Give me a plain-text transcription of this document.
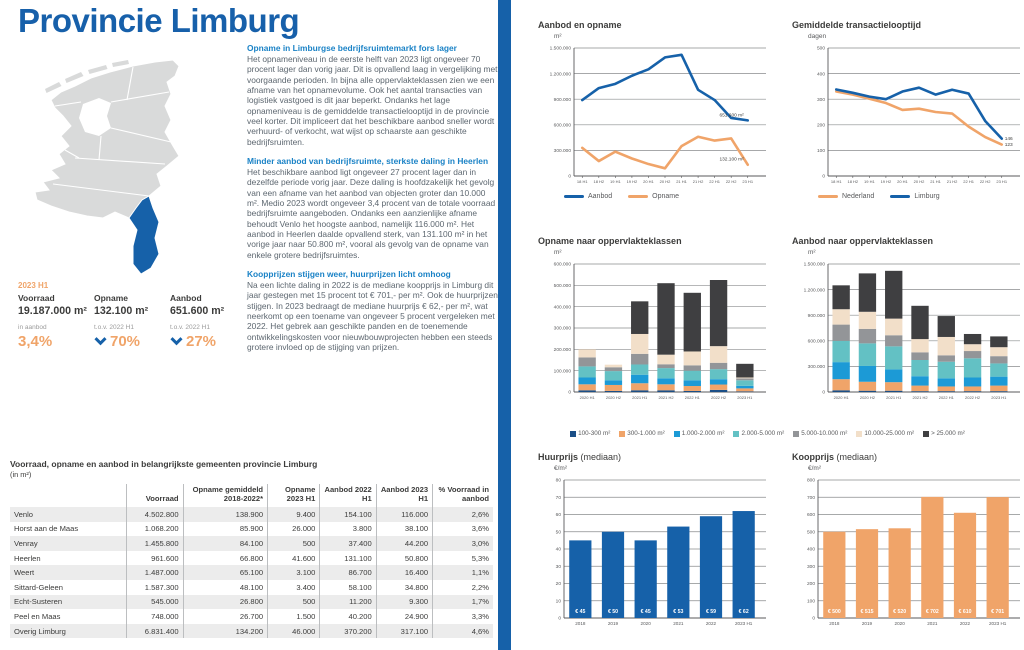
Provincie Limburg
2023 H1
Voorraad
19.187.000 m²
in aanbod
3,4%
Opname
132.100 m²
t.o.v. 2022 H1
70%
Aanbod
651.600 m²
t.o.v. 2022 H1
27%
Opname in Limburgse bedrijfsruimtemarkt fors lager

Het opnameniveau in de eerste helft van 2023 ligt ongeveer 70 procent lager dan vorig jaar. Dit is opvallend laag in vergelijking met voorgaande perioden. In bijna alle oppervlakteklassen zien we een afname van het opnamevolume. Ook het aantal transacties van logistiek vastgoed is dit jaar beperkt. Ondanks het lage opnameniveau is de gemiddelde transactielooptijd in de provincie veel korter. Dit impliceert dat het beschikbare aanbod sneller wordt verhuurd- of verkocht, wat wijst op schaarste aan geschikte bedrijfsruimten.

Minder aanbod van bedrijfsruimte, sterkste daling in Heerlen

Het beschikbare aanbod ligt ongeveer 27 procent lager dan in dezelfde periode vorig jaar. Deze daling is hoofdzakelijk het gevolg van een afname van het aanbod van objecten groter dan 10.000 m². Medio 2023 wordt ongeveer 3,4 procent van de totale voorraad bedrijfsruimte aangeboden. Ondanks een aanzienlijke afname behoudt Venlo het hoogste aanbod, namelijk 116.000 m². Het aanbod in Heerlen daalde opvallend sterk, van 131.100 m² in het vorige jaar naar 50.800 m², vooral als gevolg van de opname van enkele grotere bedrijfsruimtes.

Koopprijzen stijgen weer, huurprijzen licht omhoog

Na een lichte daling in 2022 is de mediane koopprijs in Limburg dit jaar gestegen met 15 procent tot € 701,- per m². Ook de huurprijzen stijgen. In 2023 bedraagt de mediane huurprijs € 62,- per m², wat neerkomt op een toename van ongeveer 5 procent vergeleken met 2022. Het gebrek aan geschikte panden en de toenemende ontwikkelingskosten voor nieuwbouwprojecten hebben een steeds grotere invloed op de stijging van prijzen.

Voorraad, opname en aanbod in belangrijkste gemeenten provincie Limburg
(in m²)
	Voorraad	Opname gemiddeld 2018-2022*	Opname 2023 H1	Aanbod 2022 H1	Aanbod 2023 H1	% Voorraad in aanbod
Venlo	4.502.800	138.900	9.400	154.100	116.000	2,6%
Horst aan de Maas	1.068.200	85.900	26.000	3.800	38.100	3,6%
Venray	1.455.800	84.100	500	37.400	44.200	3,0%
Heerlen	961.600	66.800	41.600	131.100	50.800	5,3%
Weert	1.487.000	65.100	3.100	86.700	16.400	1,1%
Sittard-Geleen	1.587.300	48.100	3.400	58.100	34.800	2,2%
Echt-Susteren	545.000	26.800	500	11.200	9.300	1,7%
Peel en Maas	748.000	26.700	1.500	40.200	24.900	3,3%
Overig Limburg	6.831.400	134.200	46.000	370.200	317.100	4,6%
Aanbod en opname
m²
0
300.000
600.000
900.000
1.200.000
1.500.000
18 H1 18 H2 19 H1 19 H2 20 H1 20 H2 21 H1 21 H2 22 H1 22 H2 23 H1
651.600 m²
132.100 m²
Aanbod	Opname
Gemiddelde transactielooptijd
dagen
0
100
200
300
400
500
18 H1 18 H2 19 H1 19 H2 20 H1 20 H2 21 H1 21 H2 22 H1 22 H2 23 H1
123
146
Nederland	Limburg
Opname naar oppervlakteklassen
m²
0
100.000
200.000
300.000
400.000
500.000
600.000
2020 H1	2020 H2	2021 H1	2021 H2	2022 H1	2022 H2	2023 H1
Aanbod naar oppervlakteklassen
m²
0
300.000
600.000
900.000
1.200.000
1.500.000
2020 H1	2020 H2	2021 H1	2021 H2	2022 H1	2022 H2	2023 H1
100-300 m²	300-1.000 m²	1.000-2.000 m²	2.000-5.000 m²	5.000-10.000 m²	10.000-25.000 m²	> 25.000 m²
Huurprijs (mediaan)
€/m²
0
10
20
30
40
50
60
70
80
€ 45
2018
€ 50
2019
€ 45
2020
€ 53
2021
€ 59
2022
€ 62
2023 H1
Koopprijs (mediaan)
€/m²
0
100
200
300
400
500
600
700
800
€ 500
2018
€ 515
2019
€ 520
2020
€ 702
2021
€ 610
2022
€ 701
2023 H1
